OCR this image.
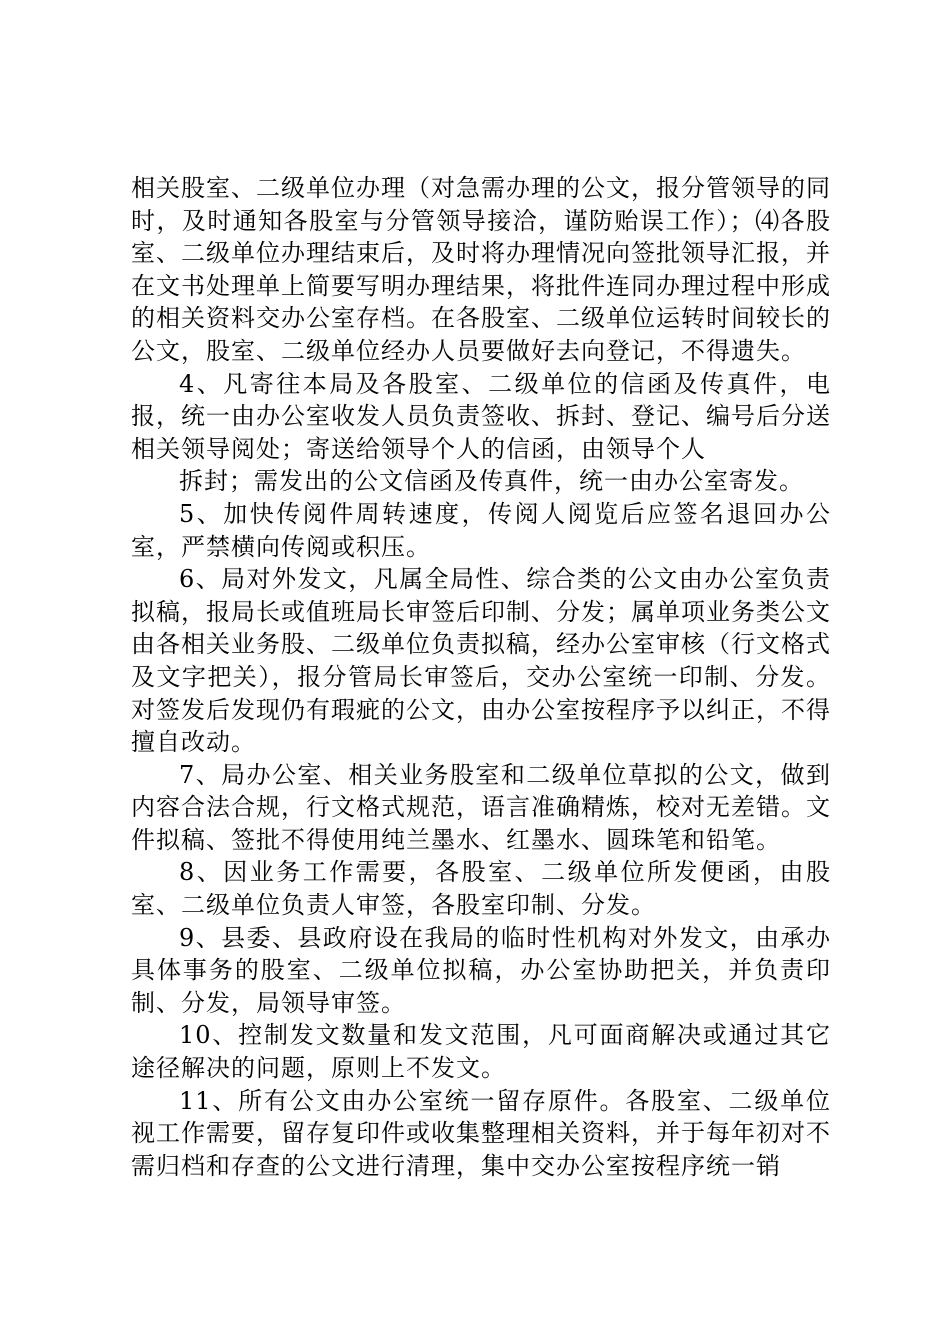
相关股室、二级单位办理（对急需办理的公文，报分管领导的同时，及时通知各股室与分管领导接洽，谨防贻误工作）；⑷各股室、二级单位办理结束后，及时将办理情况向签批领导汇报，并在文书处理单上简要写明办理结果，将批件连同办理过程中形成的相关资料交办公室存档。在各股室、二级单位运转时间较长的公文，股室、二级单位经办人员要做好去向登记，不得遗失。

4、凡寄往本局及各股室、二级单位的信函及传真件，电报，统一由办公室收发人员负责签收、拆封、登记、编号后分送相关领导阅处；寄送给领导个人的信函，由领导个人

拆封；需发出的公文信函及传真件，统一由办公室寄发。

5、加快传阅件周转速度，传阅人阅览后应签名退回办公室，严禁横向传阅或积压。

6、局对外发文，凡属全局性、综合类的公文由办公室负责拟稿，报局长或值班局长审签后印制、分发；属单项业务类公文由各相关业务股、二级单位负责拟稿，经办公室审核（行文格式及文字把关），报分管局长审签后，交办公室统一印制、分发。对签发后发现仍有瑕疵的公文，由办公室按程序予以纠正，不得擅自改动。

7、局办公室、相关业务股室和二级单位草拟的公文，做到内容合法合规，行文格式规范，语言准确精炼，校对无差错。文件拟稿、签批不得使用纯兰墨水、红墨水、圆珠笔和铅笔。

8、因业务工作需要，各股室、二级单位所发便函，由股室、二级单位负责人审签，各股室印制、分发。

9、县委、县政府设在我局的临时性机构对外发文，由承办具体事务的股室、二级单位拟稿，办公室协助把关，并负责印制、分发，局领导审签。

10、控制发文数量和发文范围，凡可面商解决或通过其它途径解决的问题，原则上不发文。

11、所有公文由办公室统一留存原件。各股室、二级单位视工作需要，留存复印件或收集整理相关资料，并于每年初对不需归档和存查的公文进行清理，集中交办公室按程序统一销
